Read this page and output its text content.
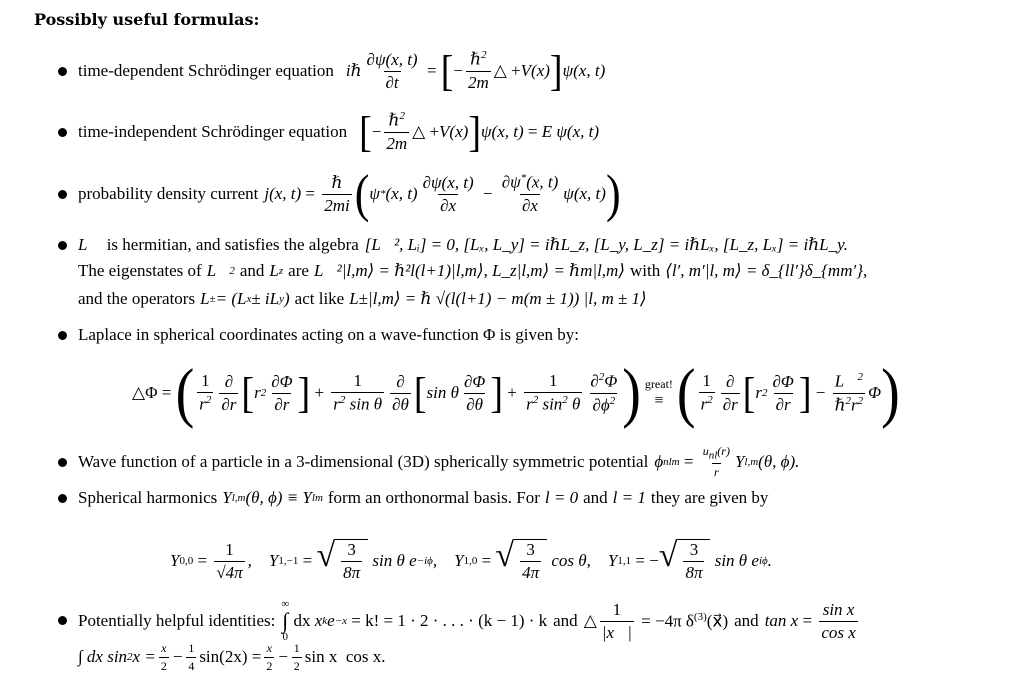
Possibly useful formulas:
time-dependent Schrödinger equation iℏ $\frac{\partial\psi(x, t)}{\partial t}$ = [ − $\frac{\hbar^2}{2m}$ △ + V(x) ] ψ(x, t)
time-independent Schrödinger equation [ − $\frac{\hbar^2}{2m}$ △ + V(x) ] ψ(x, t) = E ψ(x, t)
probability density current j(x, $t) = \frac{\text{ℏ}}{2mi}$ ( ψ * (x, $t) \frac{\partial\psi(x, t)}{\partial x} - \frac{\partial\psi^*(x, t)}{\partial x} \psi(x$, t) )
L⃗ is hermitian, and satisfies the algebra [L⃗², Lᵢ] = 0, [Lₓ, L_y] = iℏL_z, [L_y, L_z] = iℏLₓ, [L_z, Lₓ] = iℏL_y.
The eigenstates of L⃗ 2 and L z are L⃗²|l,m⟩ = ℏ²l(l+1)|l,m⟩, L_z|l,m⟩ = ℏm|l,m⟩ with ⟨l′, m′|l, m⟩ = δ_{ll′}δ_{mm′},
and the operators L ± = (L x ± iL y ) act like L±|l,m⟩ = ℏ √(l(l+1) − m(m ± 1)) |l, m ± 1⟩
Laplace in spherical coordinates acting on a wave-function Φ is given by:
△Φ = ( $\frac{1}{r^2} \frac{\partial}{\partial r}$ [ r $2 \frac{\partial\Phi}{\partial r}$ ] + $\frac{1}{r^2 \sin \theta} \frac{\partial}{\partial\theta}$ [ sin θ $\frac{\partial\Phi}{\partial\theta}$ ] + $\frac{1}{r^2 \sin^2 \theta} \frac{\partial^2\Phi}{\partial\phi^2}$ ) great!
≡ ( $\frac{1}{r^2} \frac{\partial}{\partial r}$ [ r $2 \frac{\partial\Phi}{\partial r}$ ] − $\frac{L⃗^2}{\hbar^2r^2}$ Φ )
Wave function of a particle in a 3-dimensional (3D) spherically symmetric potential ϕ nlm = $\frac{u_{nl}(r)}{r}$ Y l,m (θ, ϕ).
Spherical harmonics Y l,m (θ, ϕ) ≡ Y lm form an orthonormal basis. For l = 0 and l = 1 they are given by
Y $0,0 = \frac{1}{√4\pi}$ ,    Y 1,−1 = √ $\frac{3}{8\pi}$ sin θ e −iϕ ,    Y 1,0 = √ $\frac{3}{4\pi}$ cos θ,    Y 1,1 = − √ $\frac{3}{8\pi}$ sin θ e iϕ .
Potentially helpful identities:
∞
∫
0
dx x k e −x = k! = 1 · 2 · . . . · (k − 1) · k and △ $\frac{1}{|x⃗|} = -4\pi$ $\delta^{(3)}(x⃗)$ and $\tan x = \frac{\text{sin x}}{\text{cos x}}$
∫ dx sin 2 $x = \frac{x}{2} - \frac{1}{4} \sin(2x) = \frac{x}{2} - \frac{1}{2}$ sin x  cos x.
